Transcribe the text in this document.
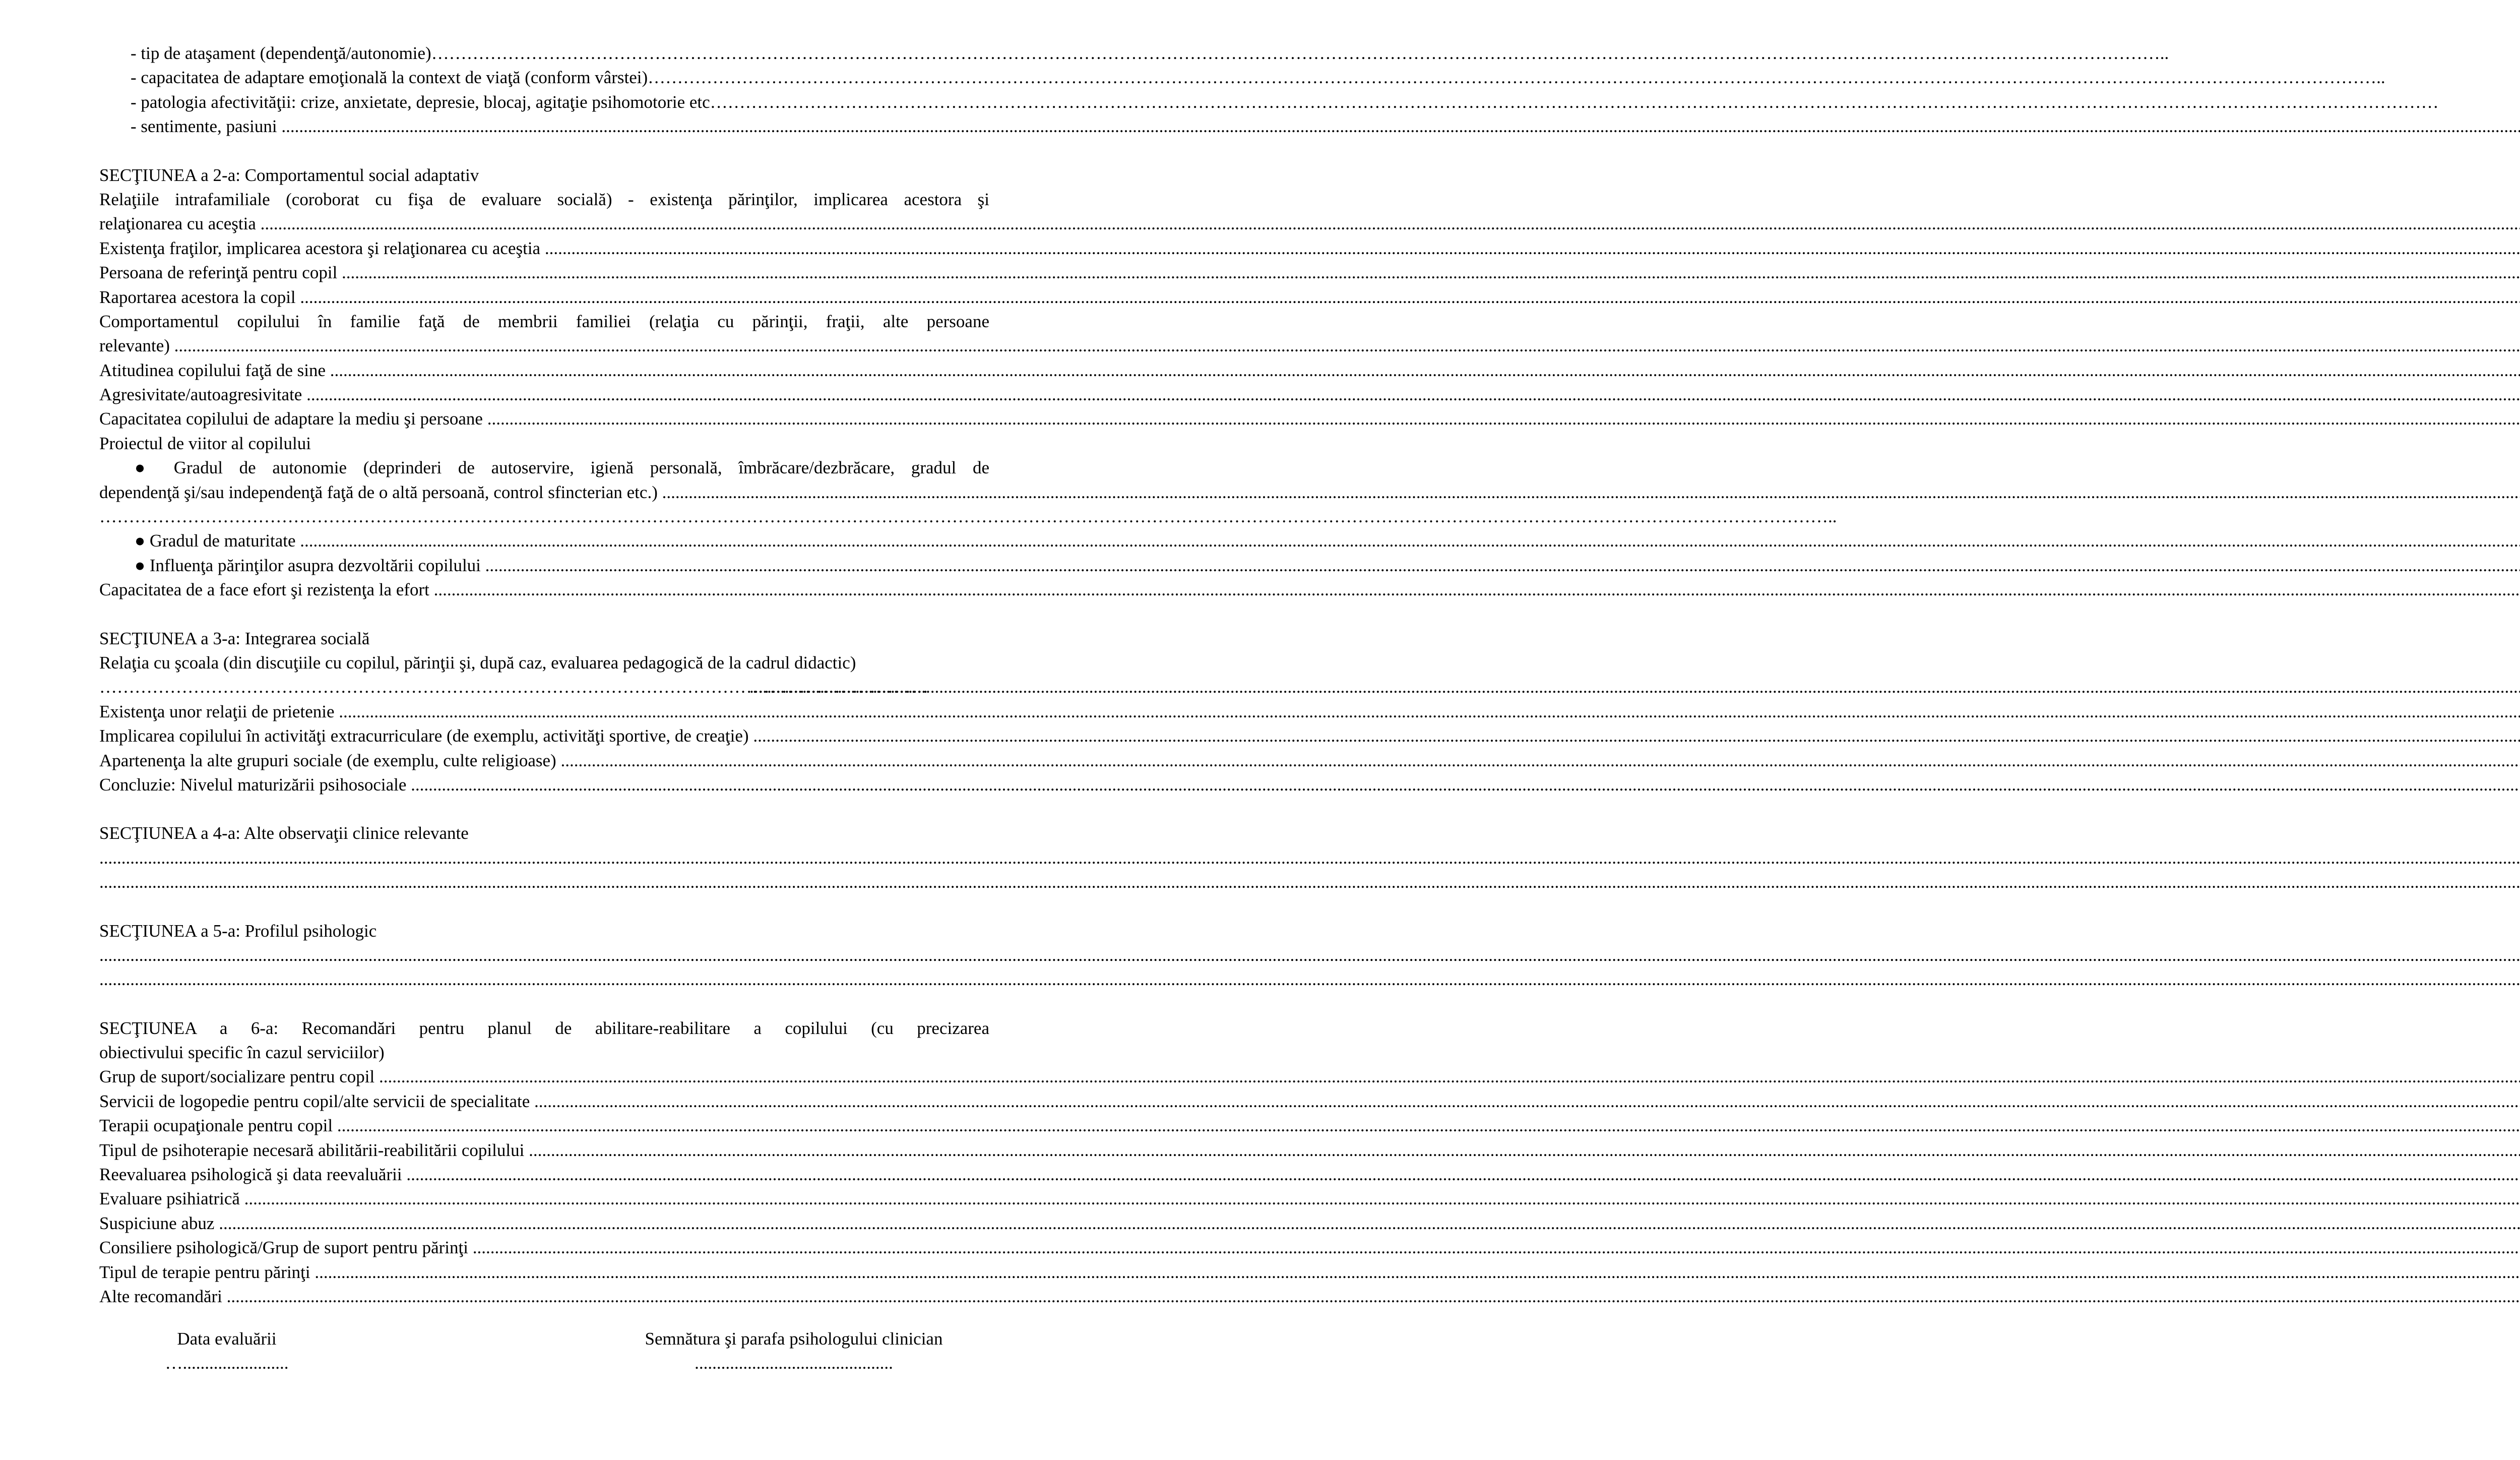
- tip de ataşament (dependenţă/autonomie) ……………………………………………………………………………………………………………………………………………………………………………………………………………………………………………………………………	..
- capacitatea de adaptare emoţională la context de viaţă (conform vârstei) ……………………………………………………………………………………………………………………………………………………………………………………………………………………………………………………………………	..
- patologia afectivităţii: crize, anxietate, depresie, blocaj, agitaţie psihomotorie etc
……………………………………………………………………………………………………………………………………………………………………………………………………………………………………………………………………
- sentimente, pasiuni

.....
SECŢIUNEA a 2-a: Comportamentul social adaptativ
Relaţiile intrafamiliale (coroborat cu fişa de evaluare socială) - existenţa părinţilor, implicarea acestora şi
relaţionarea cu aceştia

.....
Existenţa fraţilor, implicarea acestora şi relaţionarea cu aceştia

.....
Persoana de referinţă pentru copil

.....
Raportarea acestora la copil

.....
Comportamentul copilului în familie faţă de membrii familiei (relaţia cu părinţii, fraţii, alte persoane
relevante)

.....
Atitudinea copilului faţă de sine

.....
Agresivitate/autoagresivitate

.....
Capacitatea copilului de adaptare la mediu şi persoane

.....
Proiectul de viitor al copilului
● Gradul de autonomie (deprinderi de autoservire, igienă personală, îmbrăcare/dezbrăcare, gradul de
dependenţă şi/sau independenţă faţă de o altă persoană, control sfincterian etc.)

.....
……………………………………………………………………………………………………………………………………………………………………………………………………………………………………………………………………
..
● Gradul de maturitate

.....
● Influenţa părinţilor asupra dezvoltării copilului

.....
Capacitatea de a face efort şi rezistenţa la efort

.....
SECŢIUNEA a 3-a: Integrarea socială
Relaţia cu şcoala (din discuţiile cu copilul, părinţii şi, după caz, evaluarea pedagogică de la cadrul didactic)
……………………………………………………………………………………………………………………………
.....
Existenţa unor relaţii de prietenie

.....
Implicarea copilului în activităţi extracurriculare (de exemplu, activităţi sportive, de creaţie)

.....
Apartenenţa la alte grupuri sociale (de exemplu, culte religioase)

.....
Concluzie: Nivelul maturizării psihosociale

.....
SECŢIUNEA a 4-a: Alte observaţii clinice relevante
.....
.....
SECŢIUNEA a 5-a: Profilul psihologic
.....
.....
SECŢIUNEA a 6-a: Recomandări pentru planul de abilitare-reabilitare a copilului (cu precizarea
obiectivului specific în cazul serviciilor)
Grup de suport/socializare pentru copil

.....
Servicii de logopedie pentru copil/alte servicii de specialitate

.....
Terapii ocupaţionale pentru copil

.....
Tipul de psihoterapie necesară abilitării-reabilitării copilului

.....
Reevaluarea psihologică şi data reevaluării

.....
Evaluare psihiatrică

.....
Suspiciune abuz

.....
Consiliere psihologică/Grup de suport pentru părinţi

.....
Tipul de terapie pentru părinţi

.....
Alte recomandări

.....
Data evaluării
…........................
Semnătura şi parafa psihologului clinician
.............................................
